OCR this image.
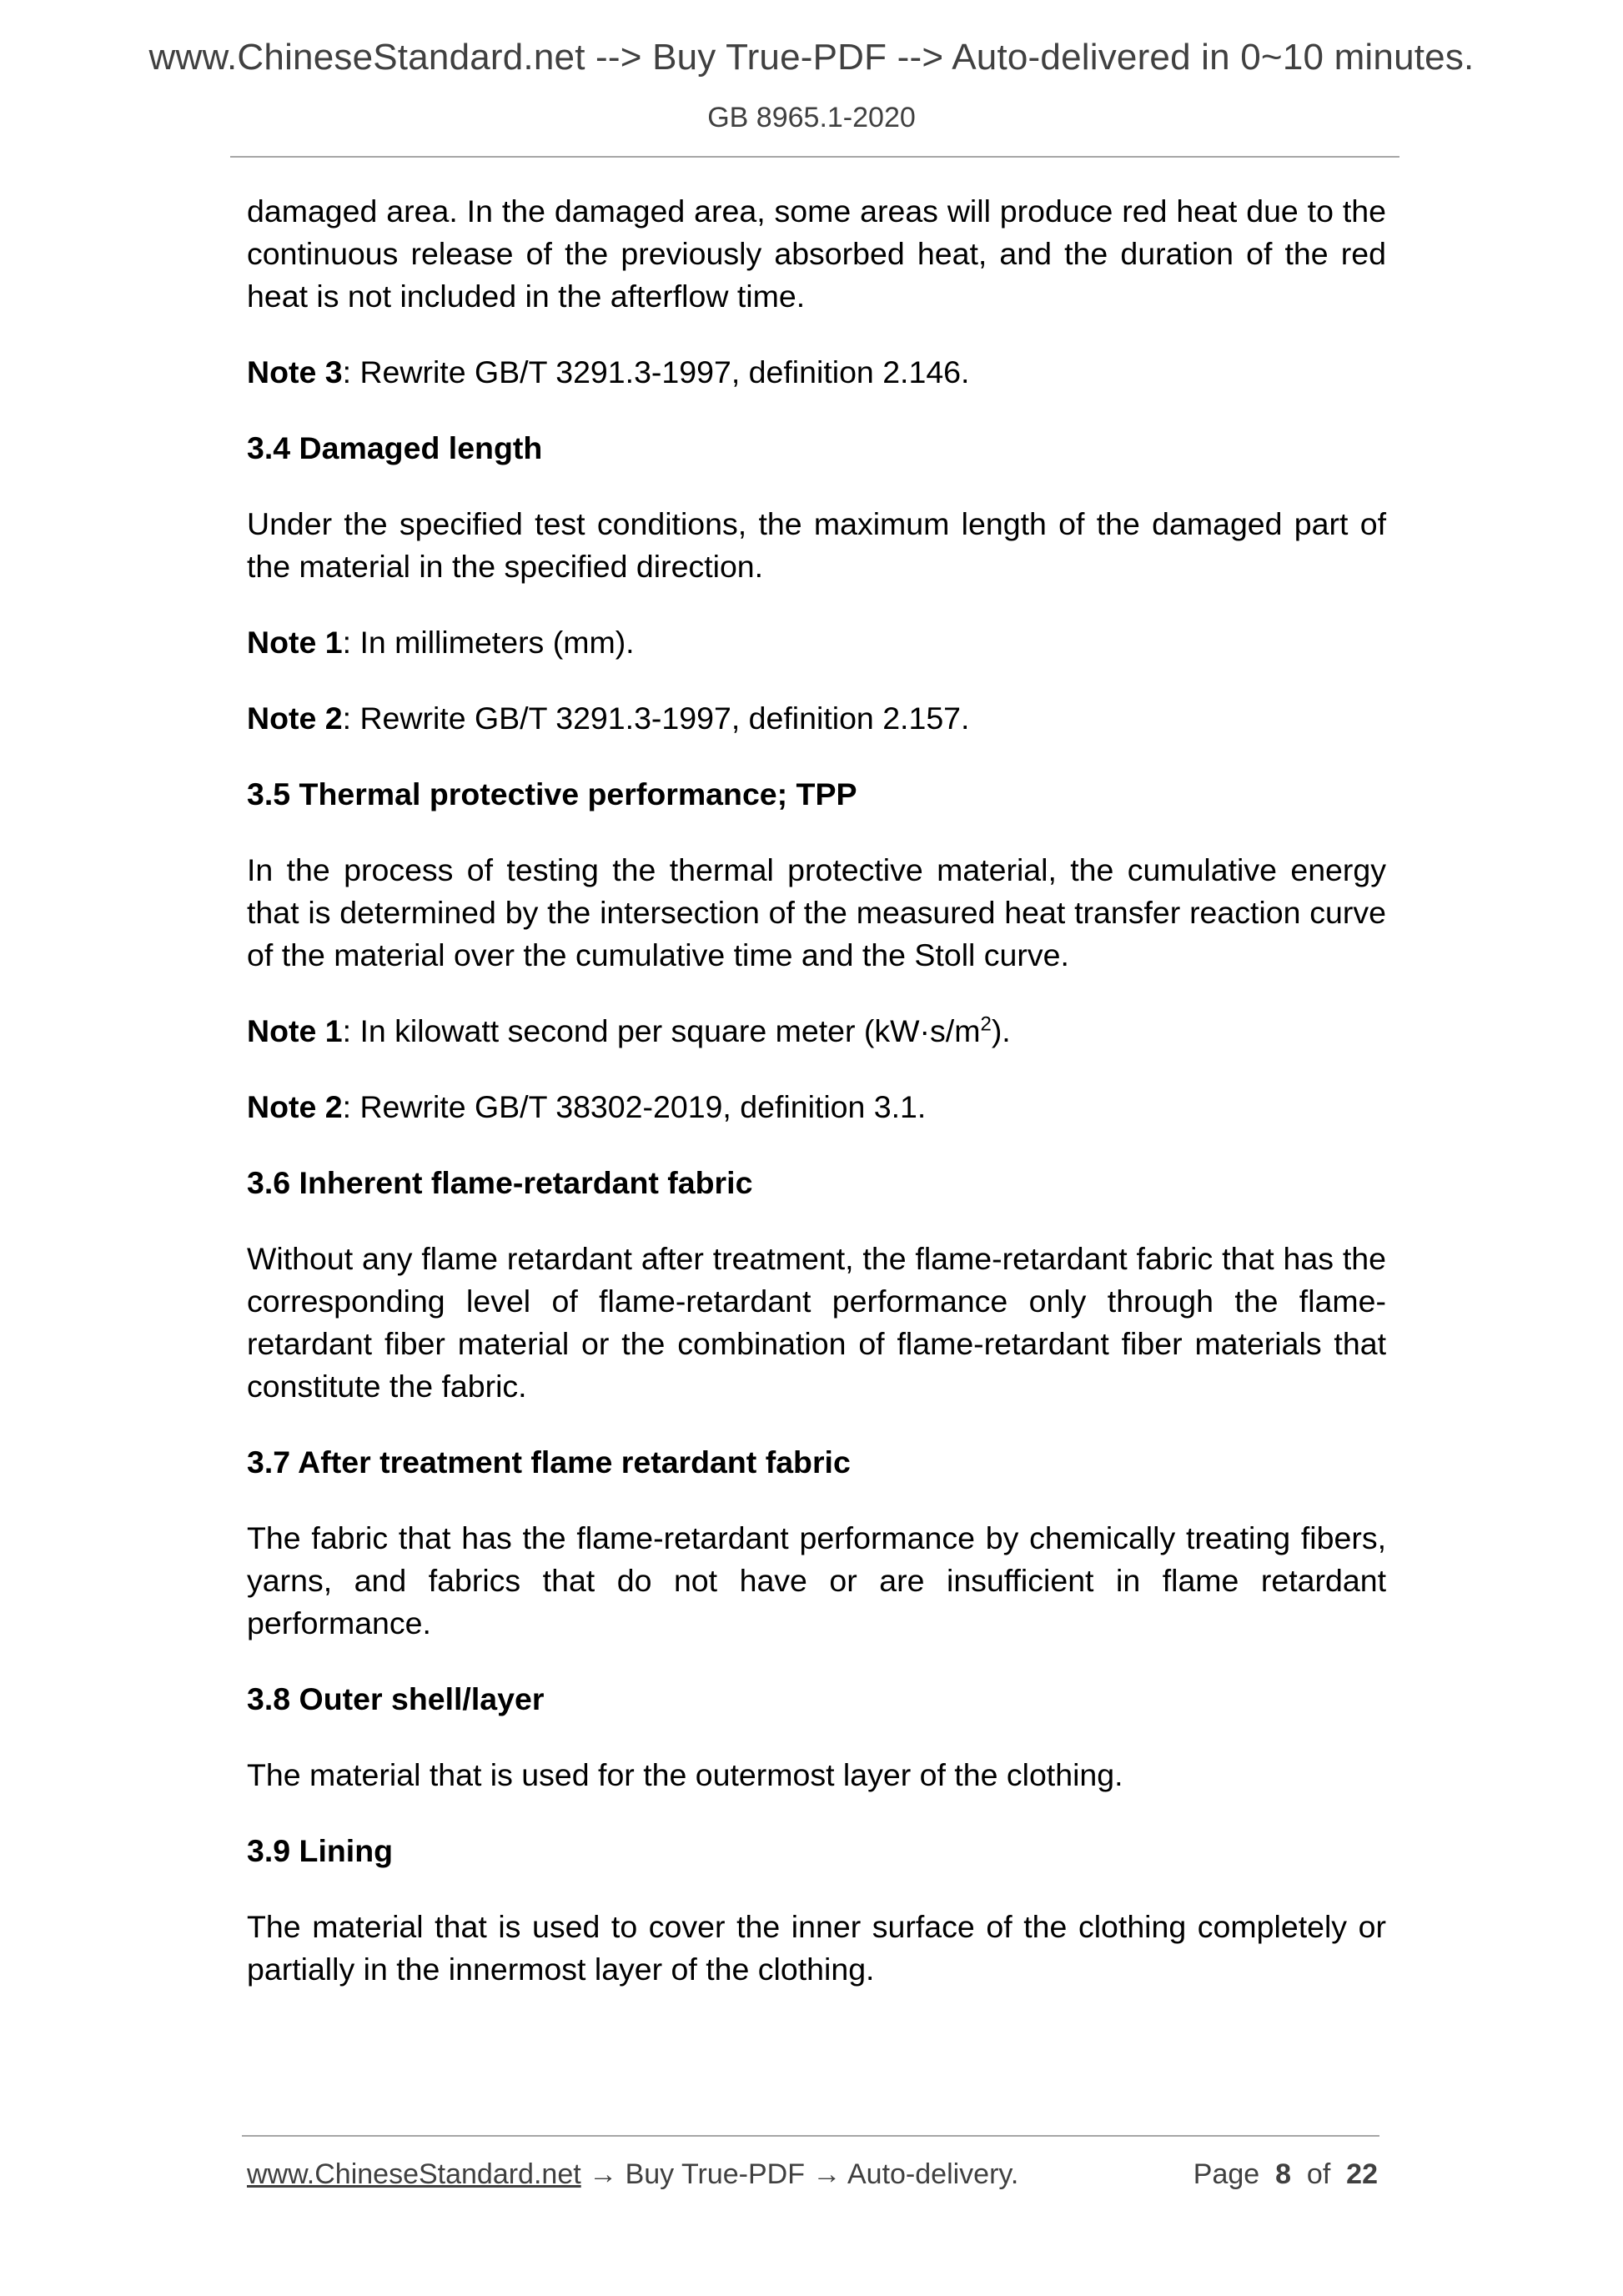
www.ChineseStandard.net --> Buy True-PDF --> Auto-delivered in 0~10 minutes.
GB 8965.1-2020

damaged area. In the damaged area, some areas will produce red heat due to the continuous release of the previously absorbed heat, and the duration of the red heat is not included in the afterflow time.

Note 3: Rewrite GB/T 3291.3-1997, definition 2.146.

3.4 Damaged length

Under the specified test conditions, the maximum length of the damaged part of the material in the specified direction.

Note 1: In millimeters (mm).

Note 2: Rewrite GB/T 3291.3-1997, definition 2.157.

3.5 Thermal protective performance; TPP

In the process of testing the thermal protective material, the cumulative energy that is determined by the intersection of the measured heat transfer reaction curve of the material over the cumulative time and the Stoll curve.

Note 1: In kilowatt second per square meter $(kW\cdot s/m^2)$.

Note 2: Rewrite GB/T 38302-2019, definition 3.1.

3.6 Inherent flame-retardant fabric

Without any flame retardant after treatment, the flame-retardant fabric that has the corresponding level of flame-retardant performance only through the flame-retardant fiber material or the combination of flame-retardant fiber materials that constitute the fabric.

3.7 After treatment flame retardant fabric

The fabric that has the flame-retardant performance by chemically treating fibers, yarns, and fabrics that do not have or are insufficient in flame retardant performance.

3.8 Outer shell/layer

The material that is used for the outermost layer of the clothing.

3.9 Lining

The material that is used to cover the inner surface of the clothing completely or partially in the innermost layer of the clothing.

www.ChineseStandard.net → Buy True-PDF → Auto-delivery.	Page 8 of 22
